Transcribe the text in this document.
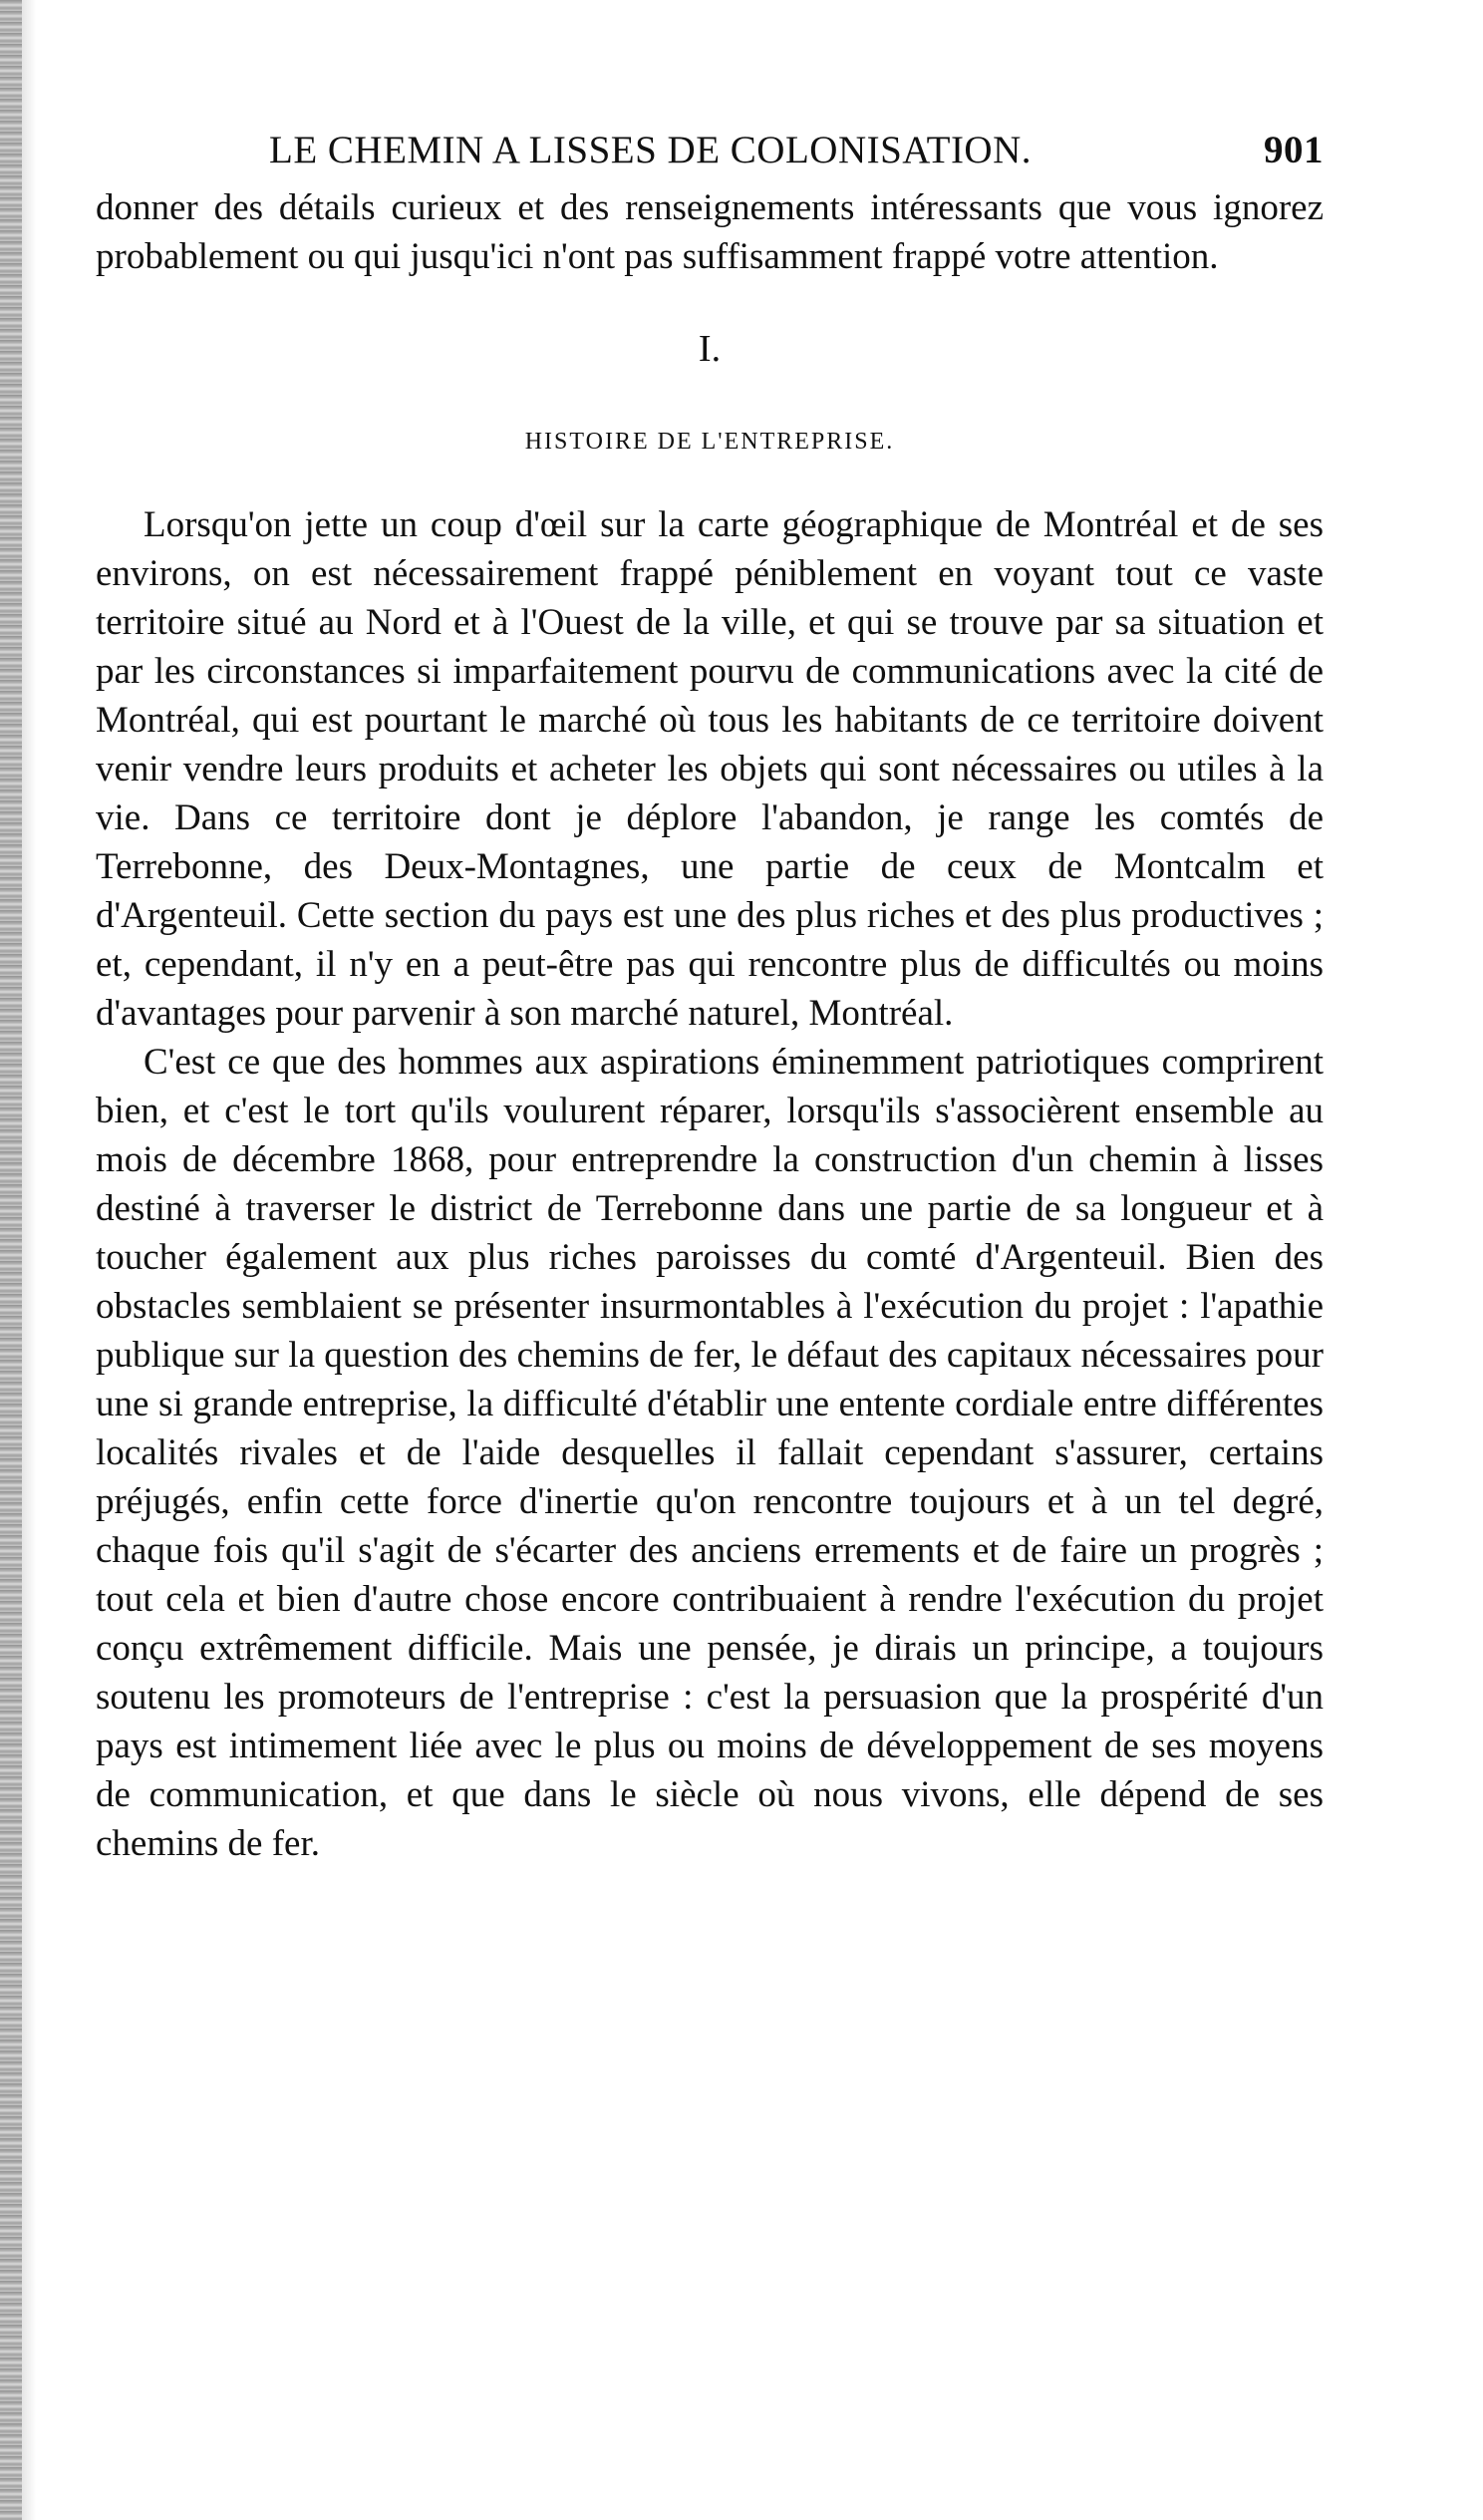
LE CHEMIN A LISSES DE COLONISATION.	901

donner des détails curieux et des renseignements intéressants que vous ignorez probablement ou qui jusqu'ici n'ont pas suffisamment frappé votre attention.

I.
HISTOIRE DE L'ENTREPRISE.

Lorsqu'on jette un coup d'œil sur la carte géographique de Montréal et de ses environs, on est nécessairement frappé péniblement en voyant tout ce vaste territoire situé au Nord et à l'Ouest de la ville, et qui se trouve par sa situation et par les circonstances si imparfaitement pourvu de communications avec la cité de Montréal, qui est pourtant le marché où tous les habitants de ce territoire doivent venir vendre leurs produits et acheter les objets qui sont nécessaires ou utiles à la vie. Dans ce territoire dont je déplore l'abandon, je range les comtés de Terrebonne, des Deux-Montagnes, une partie de ceux de Montcalm et d'Argenteuil. Cette section du pays est une des plus riches et des plus productives ; et, cependant, il n'y en a peut-être pas qui rencontre plus de difficultés ou moins d'avantages pour parvenir à son marché naturel, Montréal.

C'est ce que des hommes aux aspirations éminemment patriotiques comprirent bien, et c'est le tort qu'ils voulurent réparer, lorsqu'ils s'associèrent ensemble au mois de décembre 1868, pour entreprendre la construction d'un chemin à lisses destiné à traverser le district de Terrebonne dans une partie de sa longueur et à toucher également aux plus riches paroisses du comté d'Argenteuil. Bien des obstacles semblaient se présenter insurmontables à l'exécution du projet : l'apathie publique sur la question des chemins de fer, le défaut des capitaux nécessaires pour une si grande entreprise, la difficulté d'établir une entente cordiale entre différentes localités rivales et de l'aide desquelles il fallait cependant s'assurer, certains préjugés, enfin cette force d'inertie qu'on rencontre toujours et à un tel degré, chaque fois qu'il s'agit de s'écarter des anciens errements et de faire un progrès ; tout cela et bien d'autre chose encore contribuaient à rendre l'exécution du projet conçu extrêmement difficile. Mais une pensée, je dirais un principe, a toujours soutenu les promoteurs de l'entreprise : c'est la persuasion que la prospérité d'un pays est intimement liée avec le plus ou moins de développement de ses moyens de communication, et que dans le siècle où nous vivons, elle dépend de ses chemins de fer.
